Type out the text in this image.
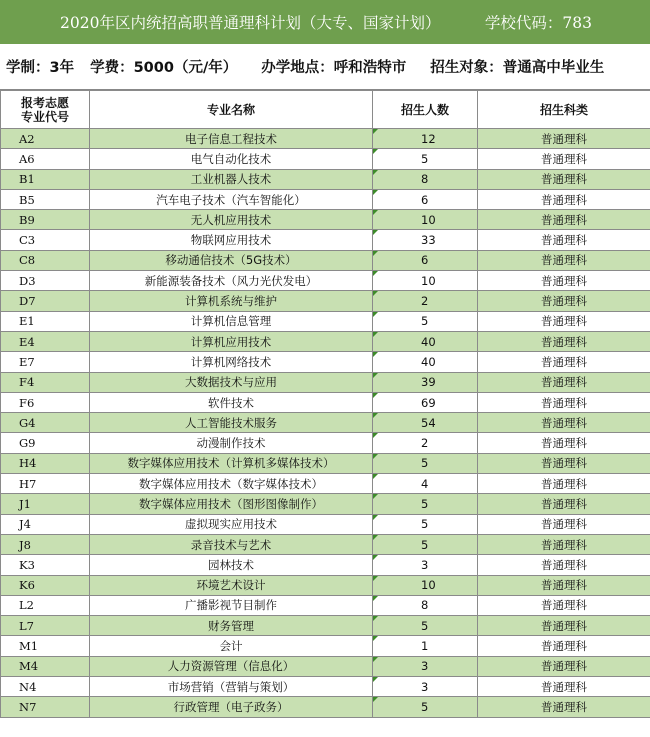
2020年区内统招高职普通理科计划（大专、国家计划）	学校代码：783
学制：3年 学费：5000（元/年） 办学地点：呼和浩特市 招生对象：普通高中毕业生
报考志愿
专业代号	专业名称	招生人数	招生科类
A2	电子信息工程技术	12	普通理科
A6	电气自动化技术	5	普通理科
B1	工业机器人技术	8	普通理科
B5	汽车电子技术（汽车智能化）	6	普通理科
B9	无人机应用技术	10	普通理科
C3	物联网应用技术	33	普通理科
C8	移动通信技术（5G技术）	6	普通理科
D3	新能源装备技术（风力光伏发电）	10	普通理科
D7	计算机系统与维护	2	普通理科
E1	计算机信息管理	5	普通理科
E4	计算机应用技术	40	普通理科
E7	计算机网络技术	40	普通理科
F4	大数据技术与应用	39	普通理科
F6	软件技术	69	普通理科
G4	人工智能技术服务	54	普通理科
G9	动漫制作技术	2	普通理科
H4	数字媒体应用技术（计算机多媒体技术）	5	普通理科
H7	数字媒体应用技术（数字媒体技术）	4	普通理科
J1	数字媒体应用技术（图形图像制作）	5	普通理科
J4	虚拟现实应用技术	5	普通理科
J8	录音技术与艺术	5	普通理科
K3	园林技术	3	普通理科
K6	环境艺术设计	10	普通理科
L2	广播影视节目制作	8	普通理科
L7	财务管理	5	普通理科
M1	会计	1	普通理科
M4	人力资源管理（信息化）	3	普通理科
N4	市场营销（营销与策划）	3	普通理科
N7	行政管理（电子政务）	5	普通理科
